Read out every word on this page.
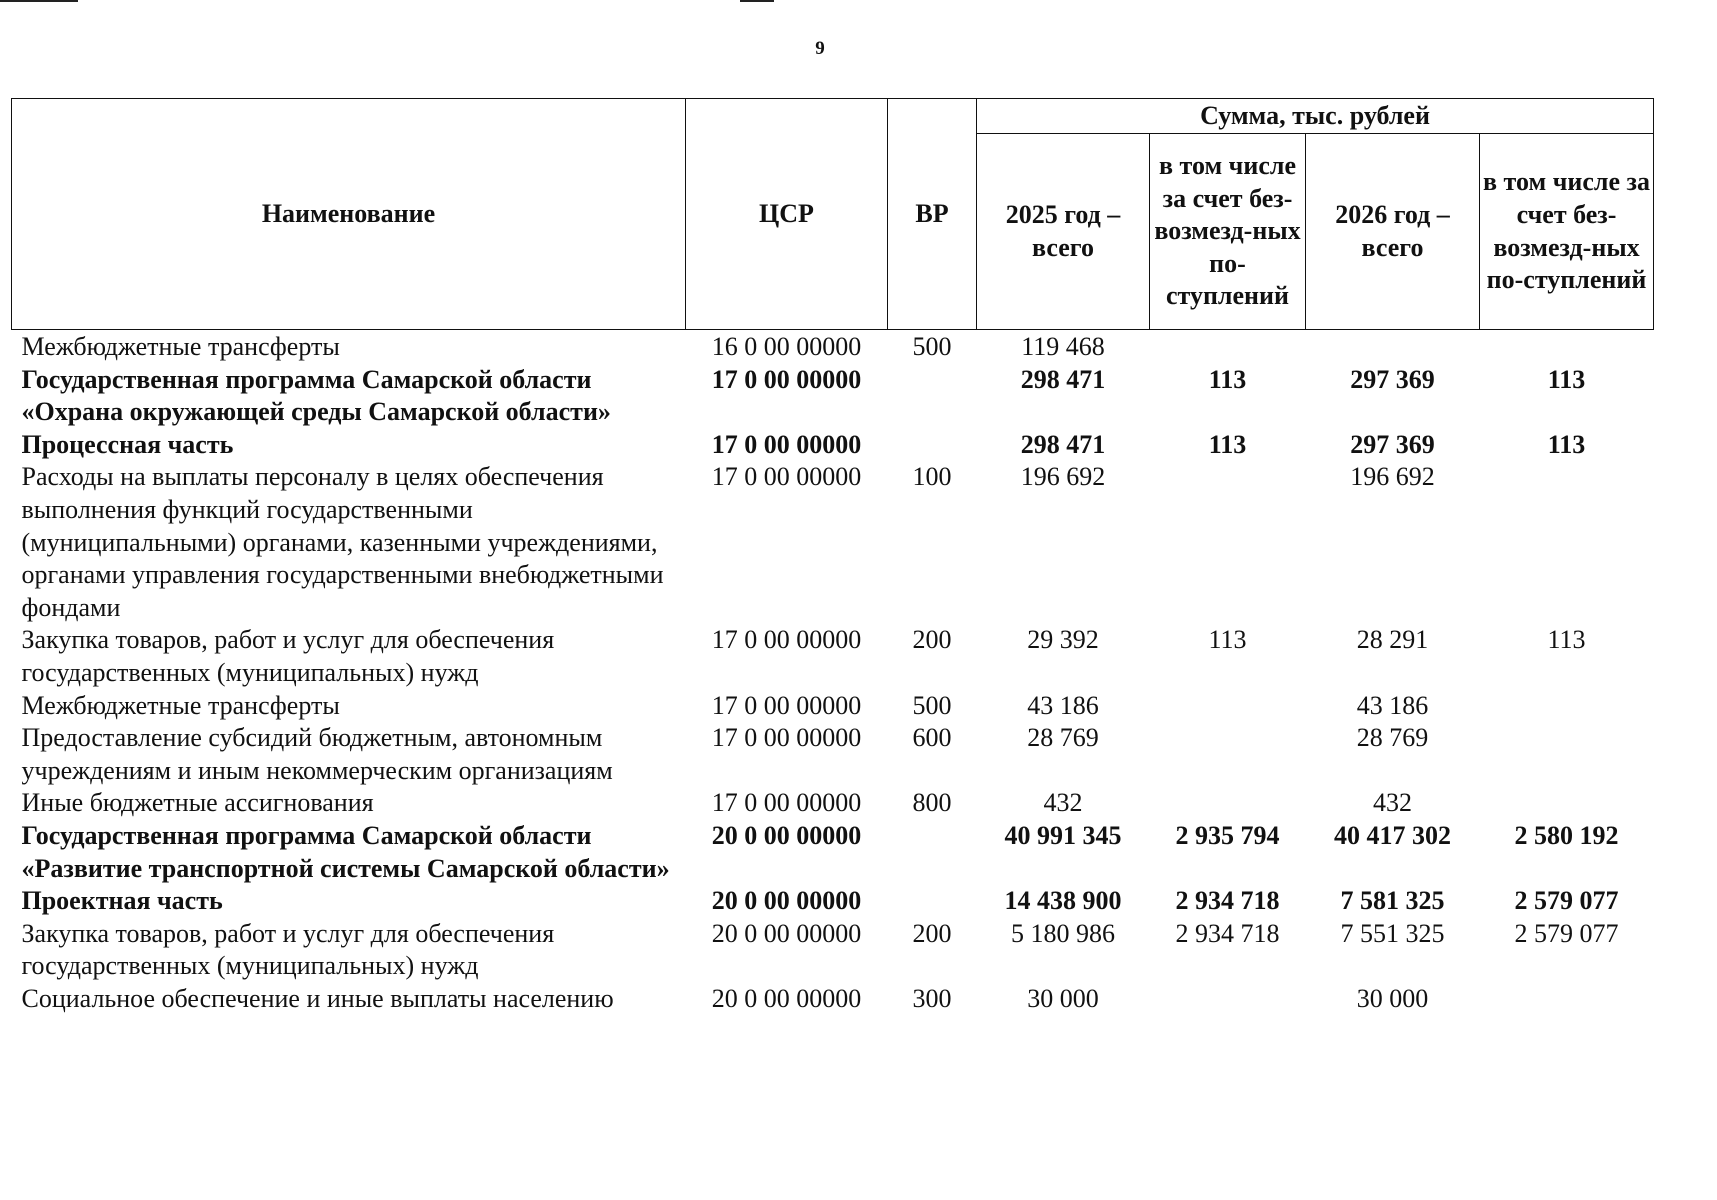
9
Наименование	ЦСР	ВР	Сумма, тыс. рублей			
			2025 год – всего	в том числе за счет без-возмезд-ных по-ступлений	2026 год – всего	в том числе за счет без-возмезд-ных по-ступлений
Межбюджетные трансферты	16 0 00 00000	500	119 468			
Государственная программа Самарской области «Охрана окружающей среды Самарской области»	17 0 00 00000		298 471	113	297 369	113
Процессная часть	17 0 00 00000		298 471	113	297 369	113
Расходы на выплаты персоналу в целях обеспечения выполнения функций государственными (муниципальными) органами, казенными учреждениями, органами управления государственными внебюджетными фондами	17 0 00 00000	100	196 692		196 692	
Закупка товаров, работ и услуг для обеспечения государственных (муниципальных) нужд	17 0 00 00000	200	29 392	113	28 291	113
Межбюджетные трансферты	17 0 00 00000	500	43 186		43 186	
Предоставление субсидий бюджетным, автономным учреждениям и иным некоммерческим организациям	17 0 00 00000	600	28 769		28 769	
Иные бюджетные ассигнования	17 0 00 00000	800	432		432	
Государственная программа Самарской области «Развитие транспортной системы Самарской области»	20 0 00 00000		40 991 345	2 935 794	40 417 302	2 580 192
Проектная часть	20 0 00 00000		14 438 900	2 934 718	7 581 325	2 579 077
Закупка товаров, работ и услуг для обеспечения государственных (муниципальных) нужд	20 0 00 00000	200	5 180 986	2 934 718	7 551 325	2 579 077
Социальное обеспечение и иные выплаты населению	20 0 00 00000	300	30 000		30 000	
